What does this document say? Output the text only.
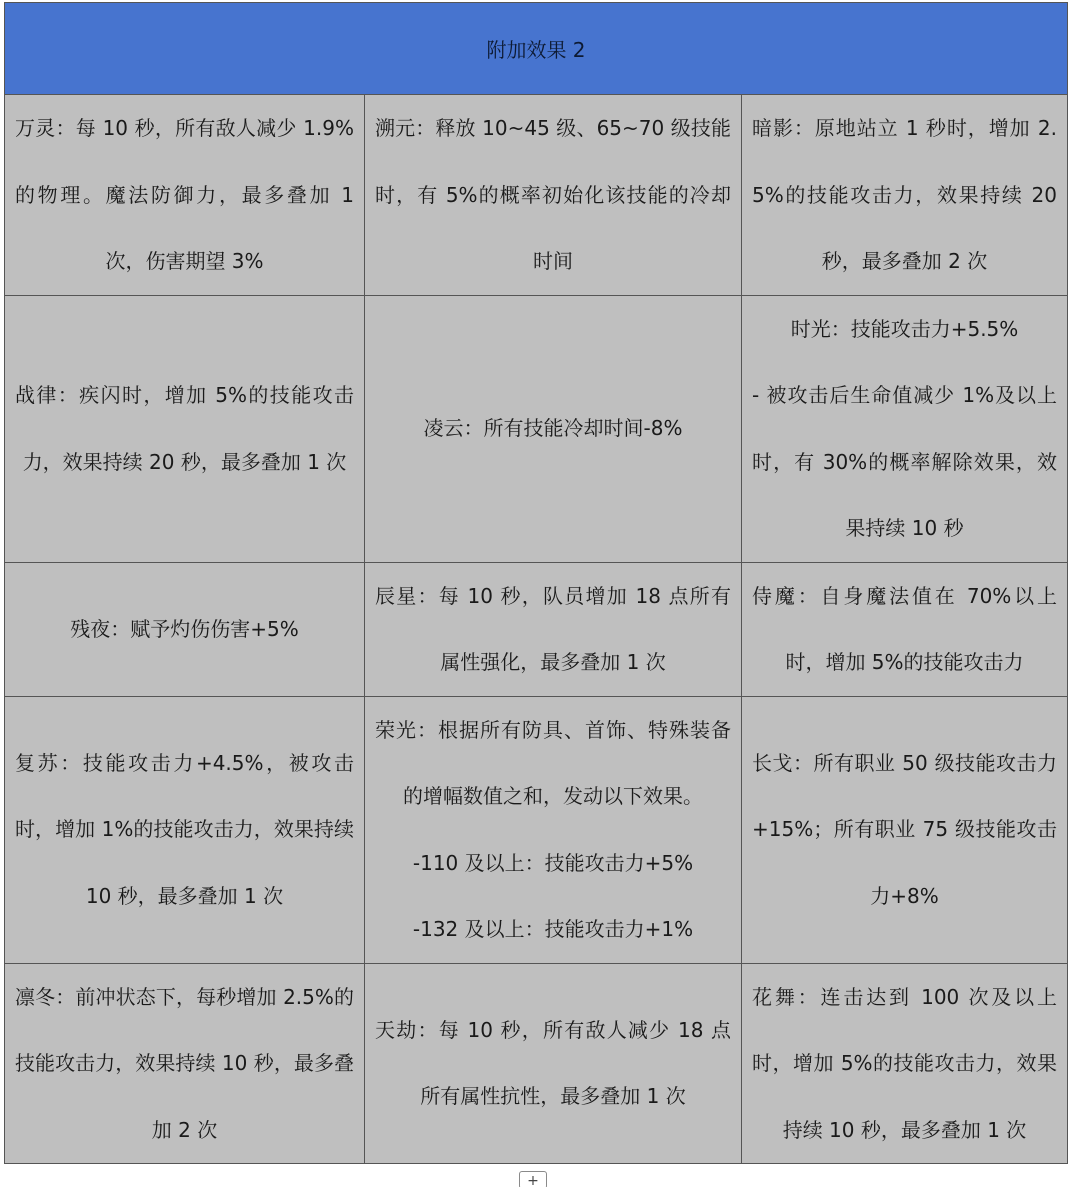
附加效果 2		

万灵：每 10 秒，所有敌人减少 1.9%的物理。魔法防御力，最多叠加 1 次，伤害期望 3%	溯元：释放 10~45 级、65~70 级技能时，有 5%的概率初始化该技能的冷却时间	暗影：原地站立 1 秒时，增加 2.5%的技能攻击力，效果持续 20 秒，最多叠加 2 次

战律：疾闪时，增加 5%的技能攻击力，效果持续 20 秒，最多叠加 1 次	凌云：所有技能冷却时间-8%	时光：技能攻击力+5.5%
- 被攻击后生命值减少 1%及以上时，有 30%的概率解除效果，效果持续 10 秒

残夜：赋予灼伤伤害+5%	辰星：每 10 秒，队员增加 18 点所有属性强化，最多叠加 1 次	侍魔：自身魔法值在 70%以上时，增加 5%的技能攻击力

复苏：技能攻击力+4.5%，被攻击时，增加 1%的技能攻击力，效果持续 10 秒，最多叠加 1 次	荣光：根据所有防具、首饰、特殊装备的增幅数值之和，发动以下效果。
-110 及以上：技能攻击力+5%
-132 及以上：技能攻击力+1%	长戈：所有职业 50 级技能攻击力+15%；所有职业 75 级技能攻击力+8%

凛冬：前冲状态下，每秒增加 2.5%的技能攻击力，效果持续 10 秒，最多叠加 2 次	天劫：每 10 秒，所有敌人减少 18 点所有属性抗性，最多叠加 1 次	花舞：连击达到 100 次及以上时，增加 5%的技能攻击力，效果持续 10 秒，最多叠加 1 次
+
